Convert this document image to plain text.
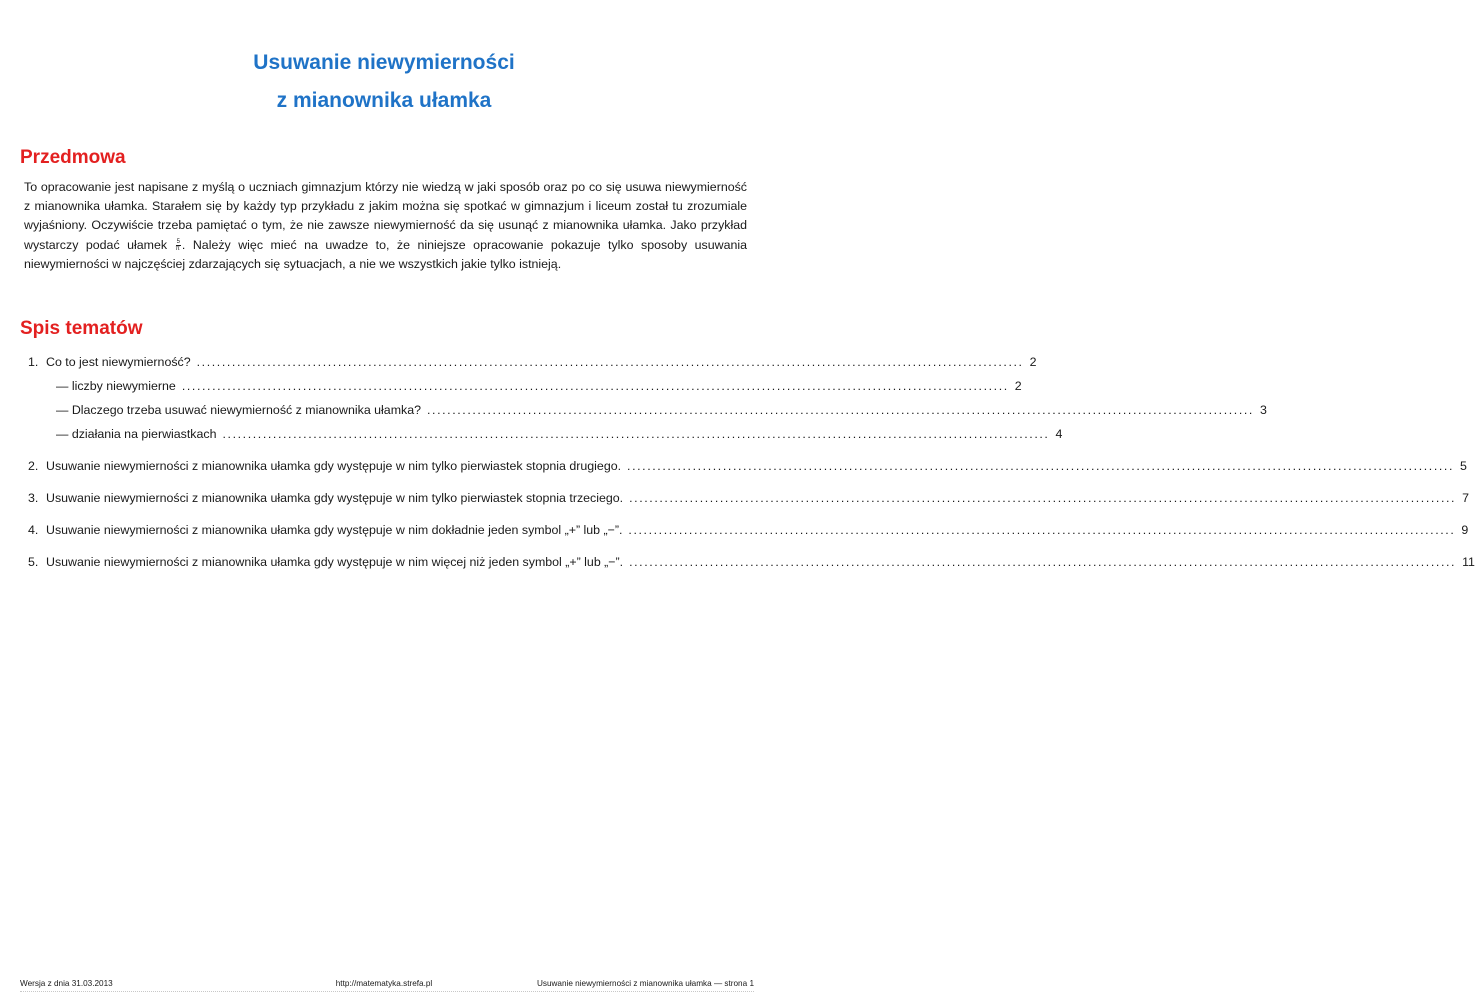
Usuwanie niewymierności
z mianownika ułamka
Przedmowa

To opracowanie jest napisane z myślą o uczniach gimnazjum którzy nie wiedzą w jaki sposób oraz po co się usuwa niewymierność z mianownika ułamka. Starałem się by każdy typ przykładu z jakim można się spotkać w gimnazjum i liceum został tu zrozumiale wyjaśniony. Oczywiście trzeba pamiętać o tym, że nie zawsze niewymierność da się usunąć z mianownika ułamka. Jako przykład wystarczy podać ułamek $\frac{5}{\pi}$ . Należy więc mieć na uwadze to, że niniejsze opracowanie pokazuje tylko sposoby usuwania niewymierności w najczęściej zdarzających się sytuacjach, a nie we wszystkich jakie tylko istnieją.

Spis tematów
1. Co to jest niewymierność? .................................................................................................................................................................... 2
— liczby niewymierne .................................................................................................................................................................... 2
— Dlaczego trzeba usuwać niewymierność z mianownika ułamka? .................................................................................................................................................................... 3
— działania na pierwiastkach .................................................................................................................................................................... 4
2. Usuwanie niewymierności z mianownika ułamka gdy występuje w nim tylko pierwiastek stopnia drugiego. .................................................................................................................................................................... 5
3. Usuwanie niewymierności z mianownika ułamka gdy występuje w nim tylko pierwiastek stopnia trzeciego. .................................................................................................................................................................... 7
4. Usuwanie niewymierności z mianownika ułamka gdy występuje w nim dokładnie jeden symbol „+” lub „−”. .................................................................................................................................................................... 9
5. Usuwanie niewymierności z mianownika ułamka gdy występuje w nim więcej niż jeden symbol „+” lub „−”. .................................................................................................................................................................... 11
Wersja z dnia 31.03.2013	http://matematyka.strefa.pl	Usuwanie niewymierności z mianownika ułamka — strona 1
